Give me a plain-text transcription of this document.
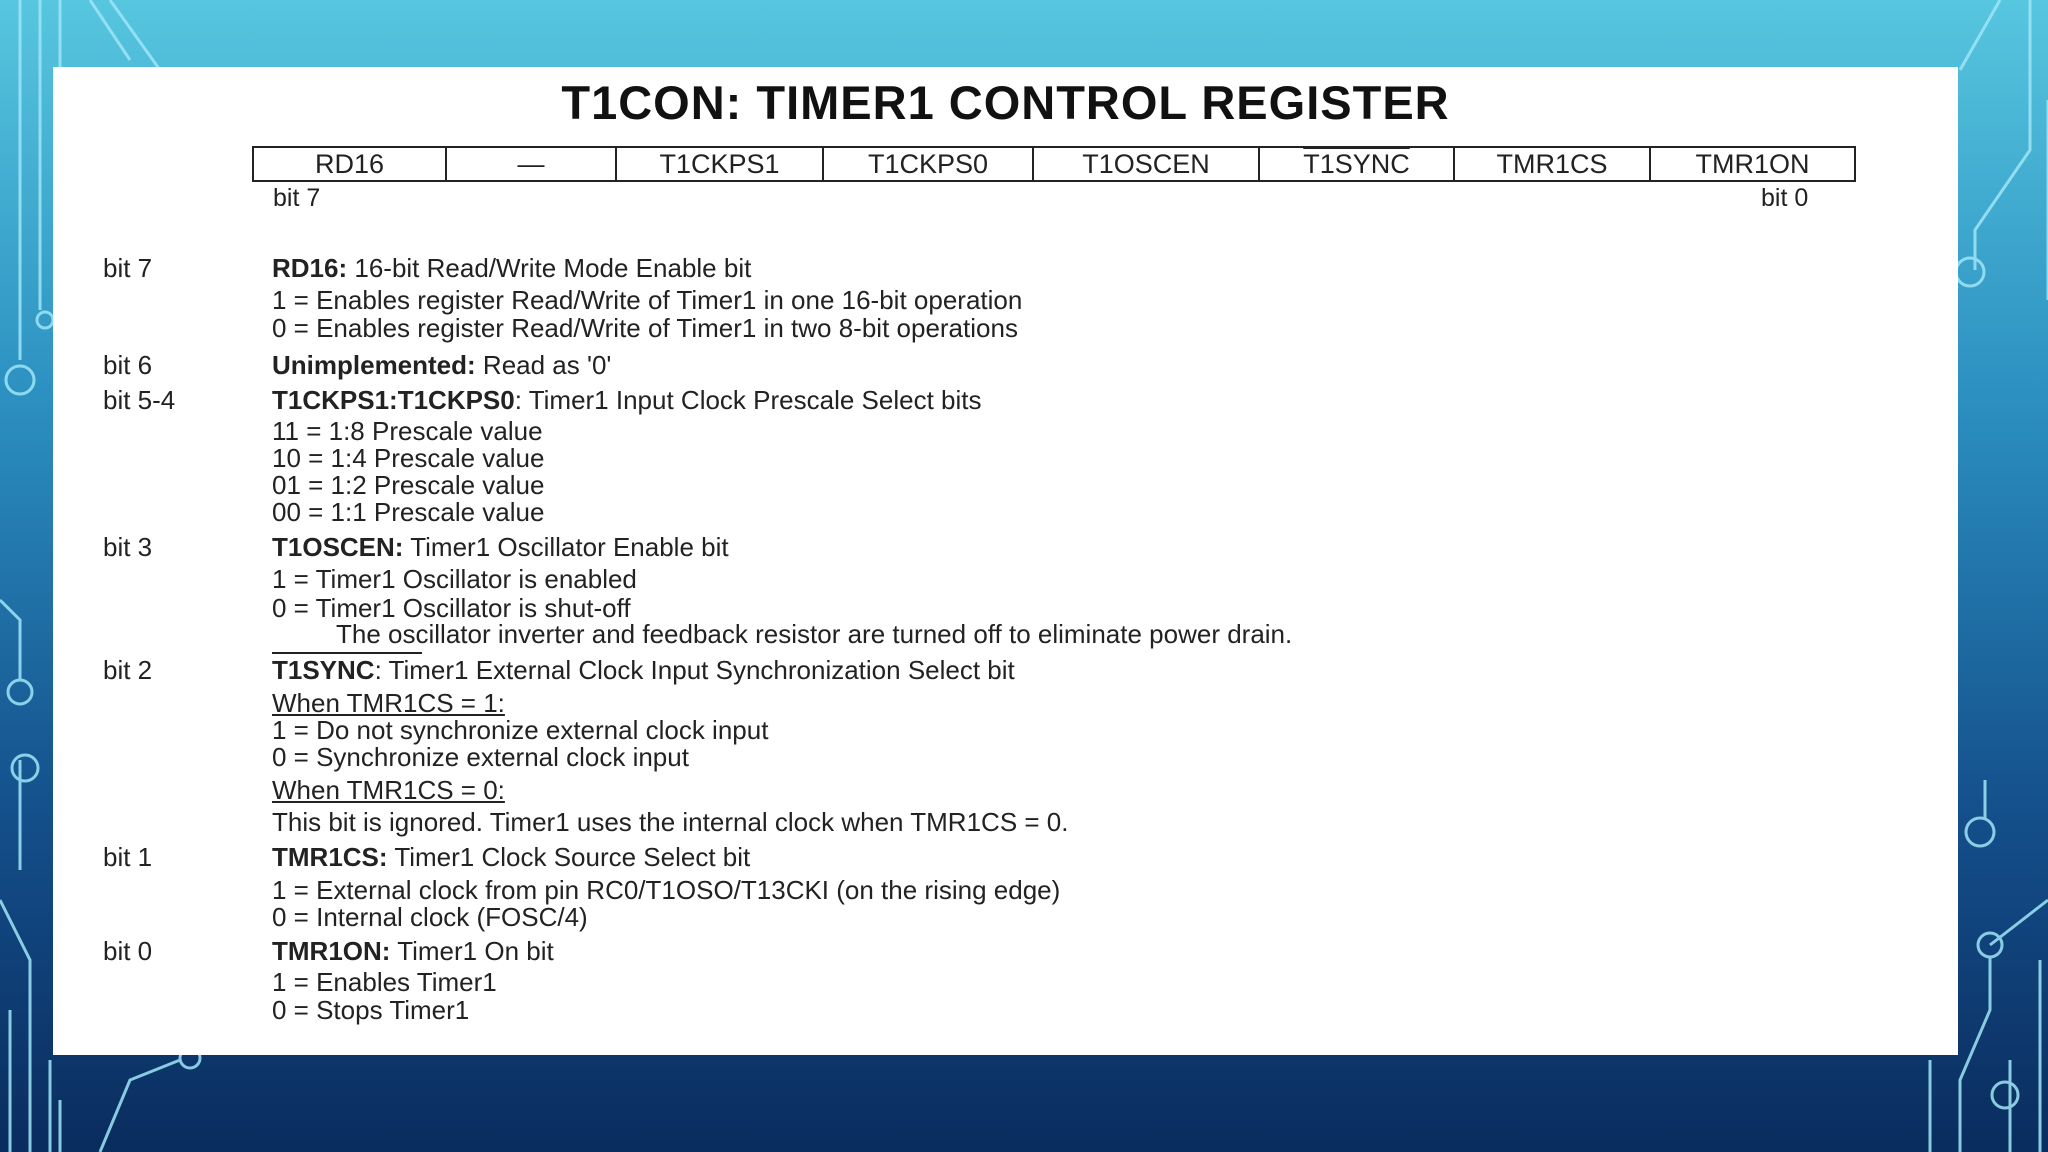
T1CON: TIMER1 CONTROL REGISTER
RD16	—	T1CKPS1	T1CKPS0	T1OSCEN	T1SYNC	TMR1CS	TMR1ON
bit 7	bit 0
bit 7	RD16: 16-bit Read/Write Mode Enable bit
1 = Enables register Read/Write of Timer1 in one 16-bit operation
0 = Enables register Read/Write of Timer1 in two 8-bit operations
bit 6	Unimplemented: Read as '0'
bit 5-4	T1CKPS1:T1CKPS0: Timer1 Input Clock Prescale Select bits
11 = 1:8 Prescale value
10 = 1:4 Prescale value
01 = 1:2 Prescale value
00 = 1:1 Prescale value
bit 3	T1OSCEN: Timer1 Oscillator Enable bit
1 = Timer1 Oscillator is enabled
0 = Timer1 Oscillator is shut-off
The oscillator inverter and feedback resistor are turned off to eliminate power drain.
bit 2	T1SYNC: Timer1 External Clock Input Synchronization Select bit
When TMR1CS = 1:
1 = Do not synchronize external clock input
0 = Synchronize external clock input
When TMR1CS = 0:
This bit is ignored. Timer1 uses the internal clock when TMR1CS = 0.
bit 1	TMR1CS: Timer1 Clock Source Select bit
1 = External clock from pin RC0/T1OSO/T13CKI (on the rising edge)
0 = Internal clock (FOSC/4)
bit 0	TMR1ON: Timer1 On bit
1 = Enables Timer1
0 = Stops Timer1
